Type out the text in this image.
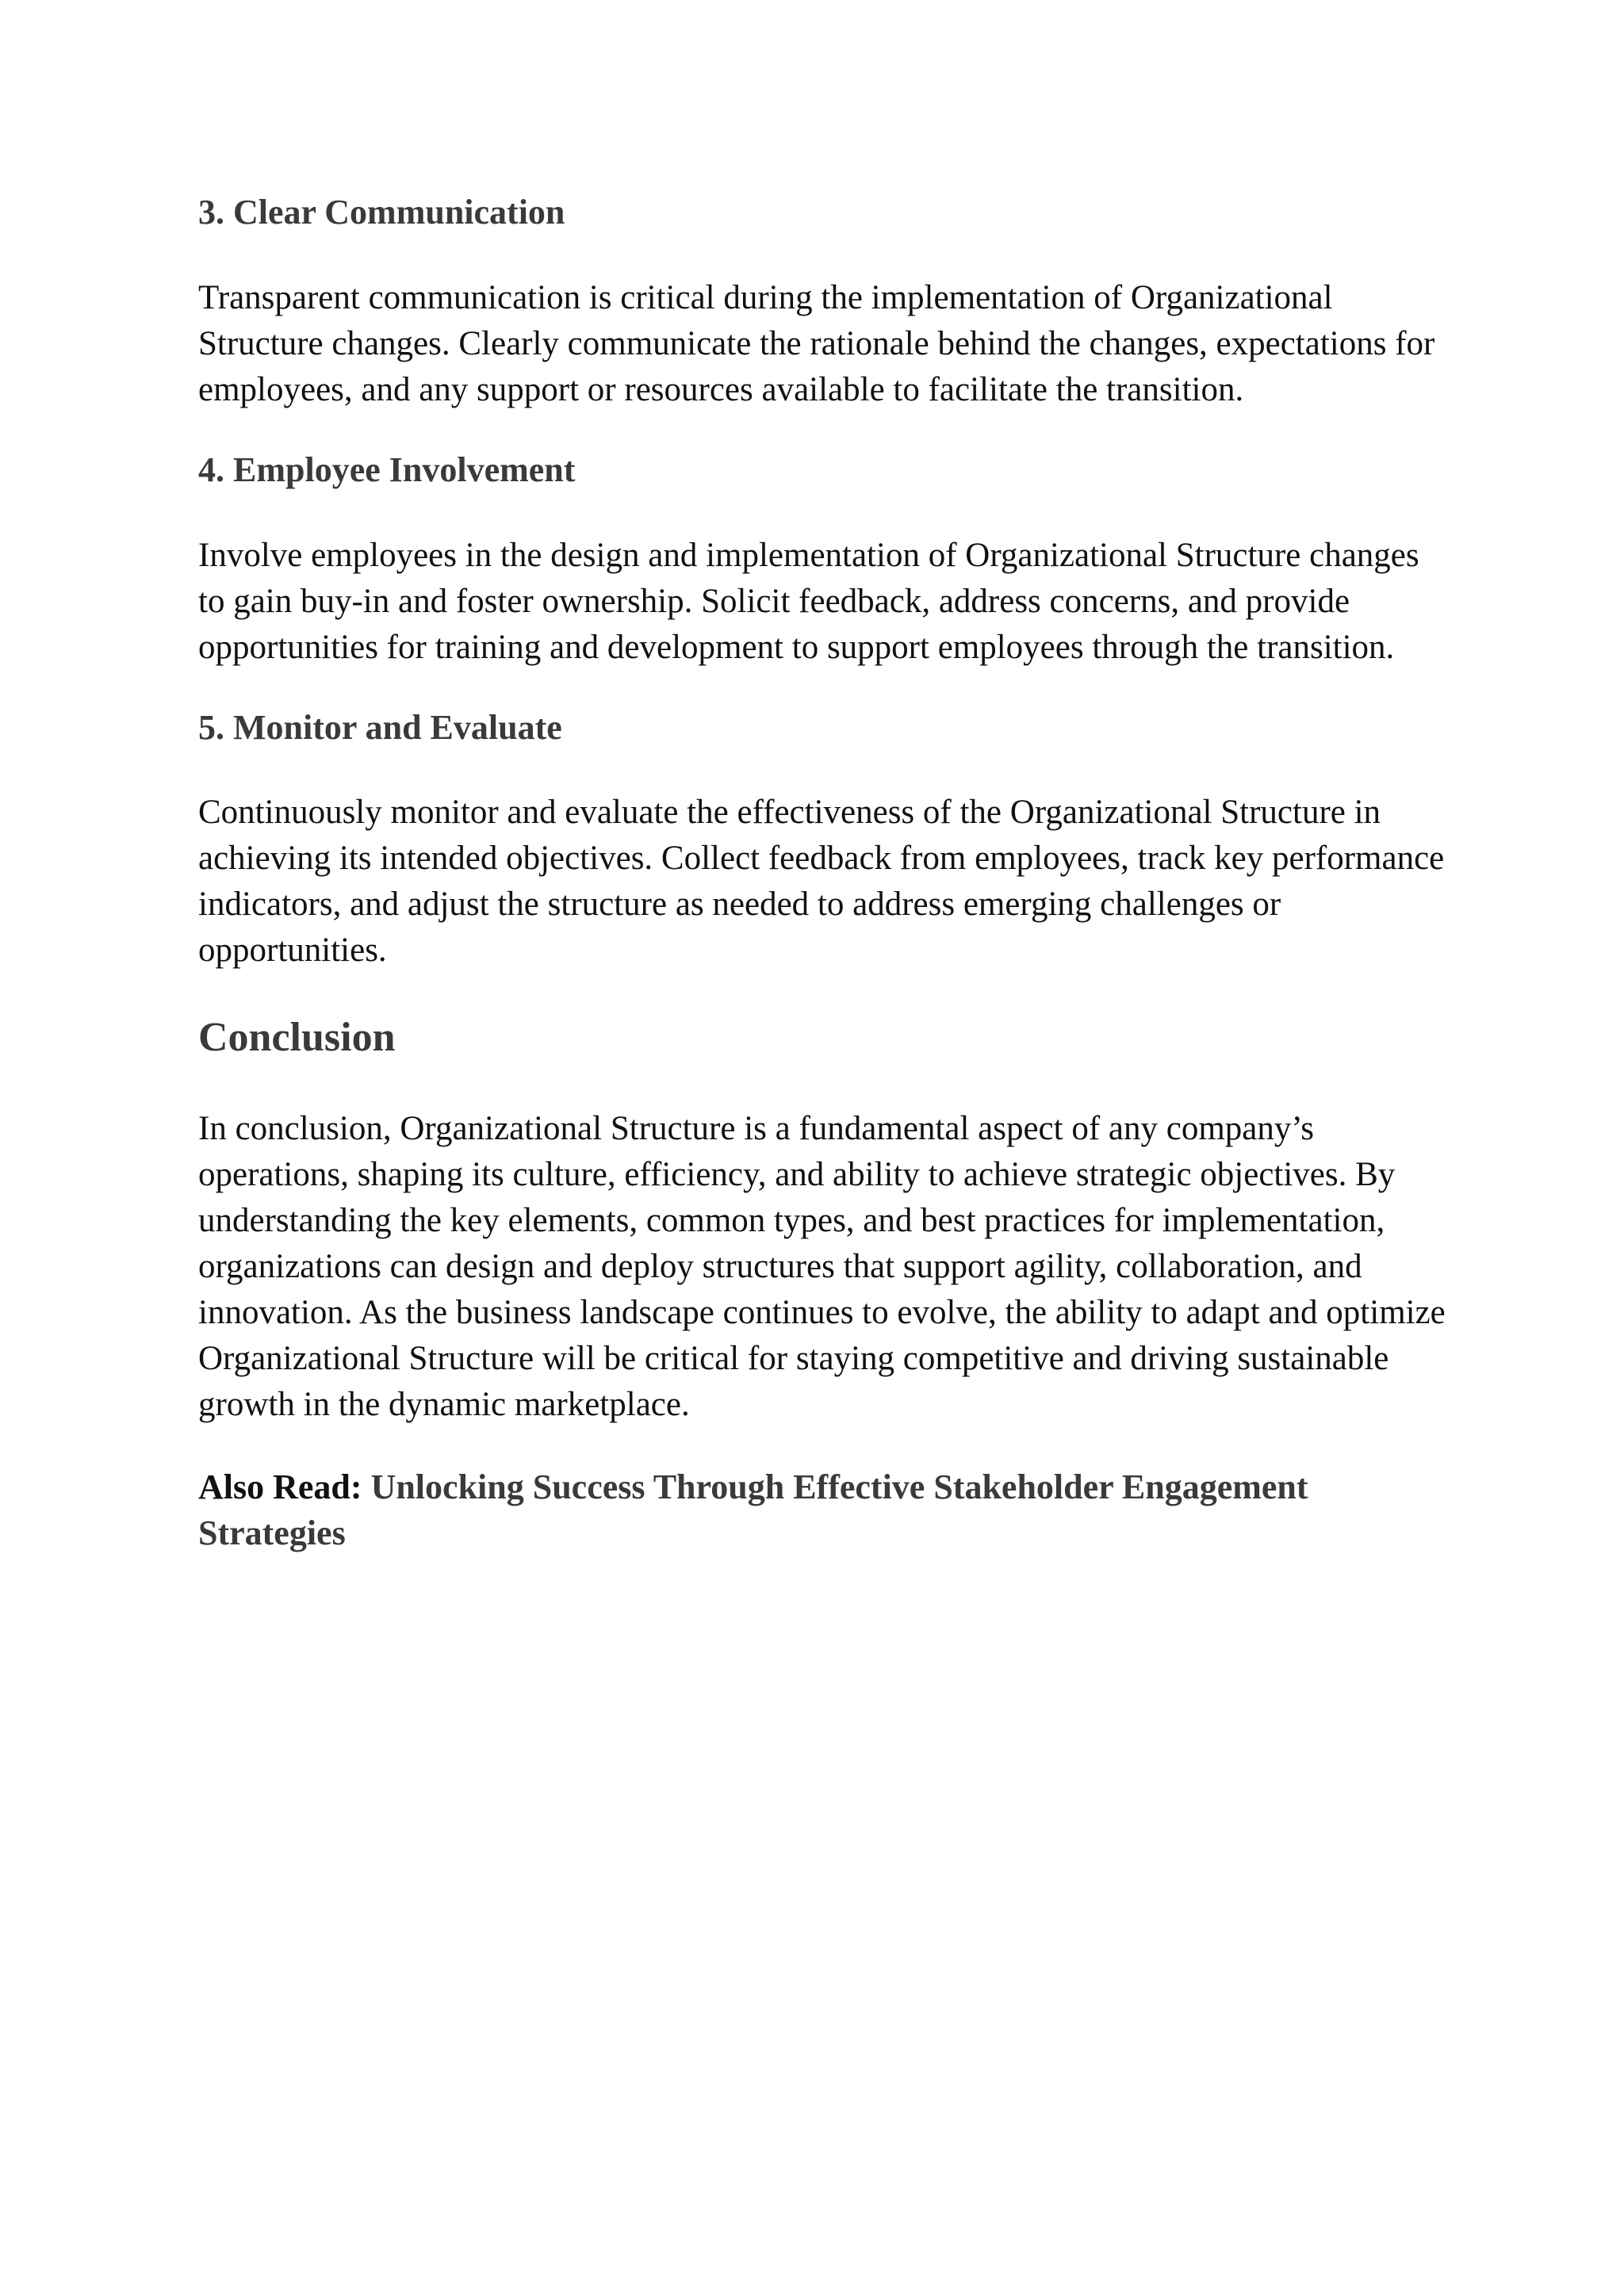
3. Clear Communication

Transparent communication is critical during the implementation of Organizational Structure changes. Clearly communicate the rationale behind the changes, expectations for employees, and any support or resources available to facilitate the transition.

4. Employee Involvement

Involve employees in the design and implementation of Organizational Structure changes to gain buy-in and foster ownership. Solicit feedback, address concerns, and provide opportunities for training and development to support employees through the transition.

5. Monitor and Evaluate

Continuously monitor and evaluate the effectiveness of the Organizational Structure in achieving its intended objectives. Collect feedback from employees, track key performance indicators, and adjust the structure as needed to address emerging challenges or opportunities.

Conclusion

In conclusion, Organizational Structure is a fundamental aspect of any company’s operations, shaping its culture, efficiency, and ability to achieve strategic objectives. By understanding the key elements, common types, and best practices for implementation, organizations can design and deploy structures that support agility, collaboration, and innovation. As the business landscape continues to evolve, the ability to adapt and optimize Organizational Structure will be critical for staying competitive and driving sustainable growth in the dynamic marketplace.

Also Read: Unlocking Success Through Effective Stakeholder Engagement Strategies
